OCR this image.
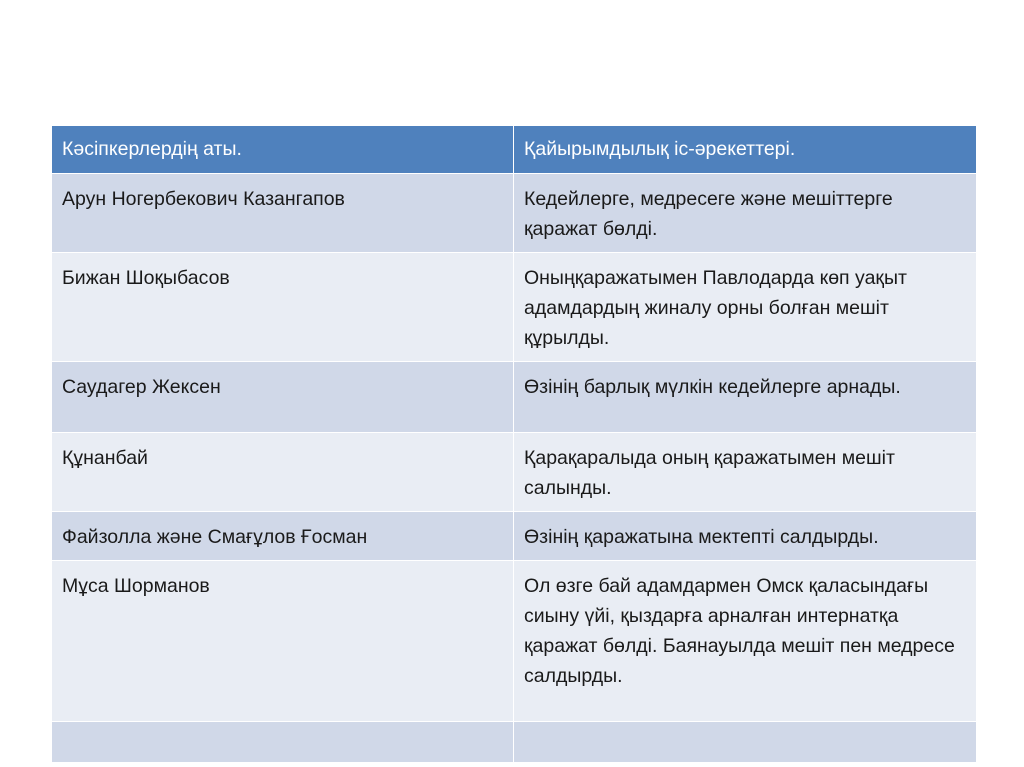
Кәсіпкерлердің аты.	Қайырымдылық іс-әрекеттері.
Арун Ногербекович Казангапов	Кедейлерге, медресеге және мешіттерге қаражат бөлді.
Бижан Шоқыбасов	Оныңқаражатымен Павлодарда көп уақыт адамдардың жиналу орны болған мешіт құрылды.
Саудагер Жексен	Өзінің барлық мүлкін кедейлерге арнады.
Құнанбай	Қарақаралыда оның қаражатымен мешіт салынды.
Файзолла және Смағұлов Ғосман	Өзінің қаражатына мектепті салдырды.
Мұса Шорманов	Ол өзге бай адамдармен Омск қаласындағы сиыну үйі, қыздарға арналған интернатқа қаражат бөлді. Баянауылда мешіт пен медресе салдырды.
